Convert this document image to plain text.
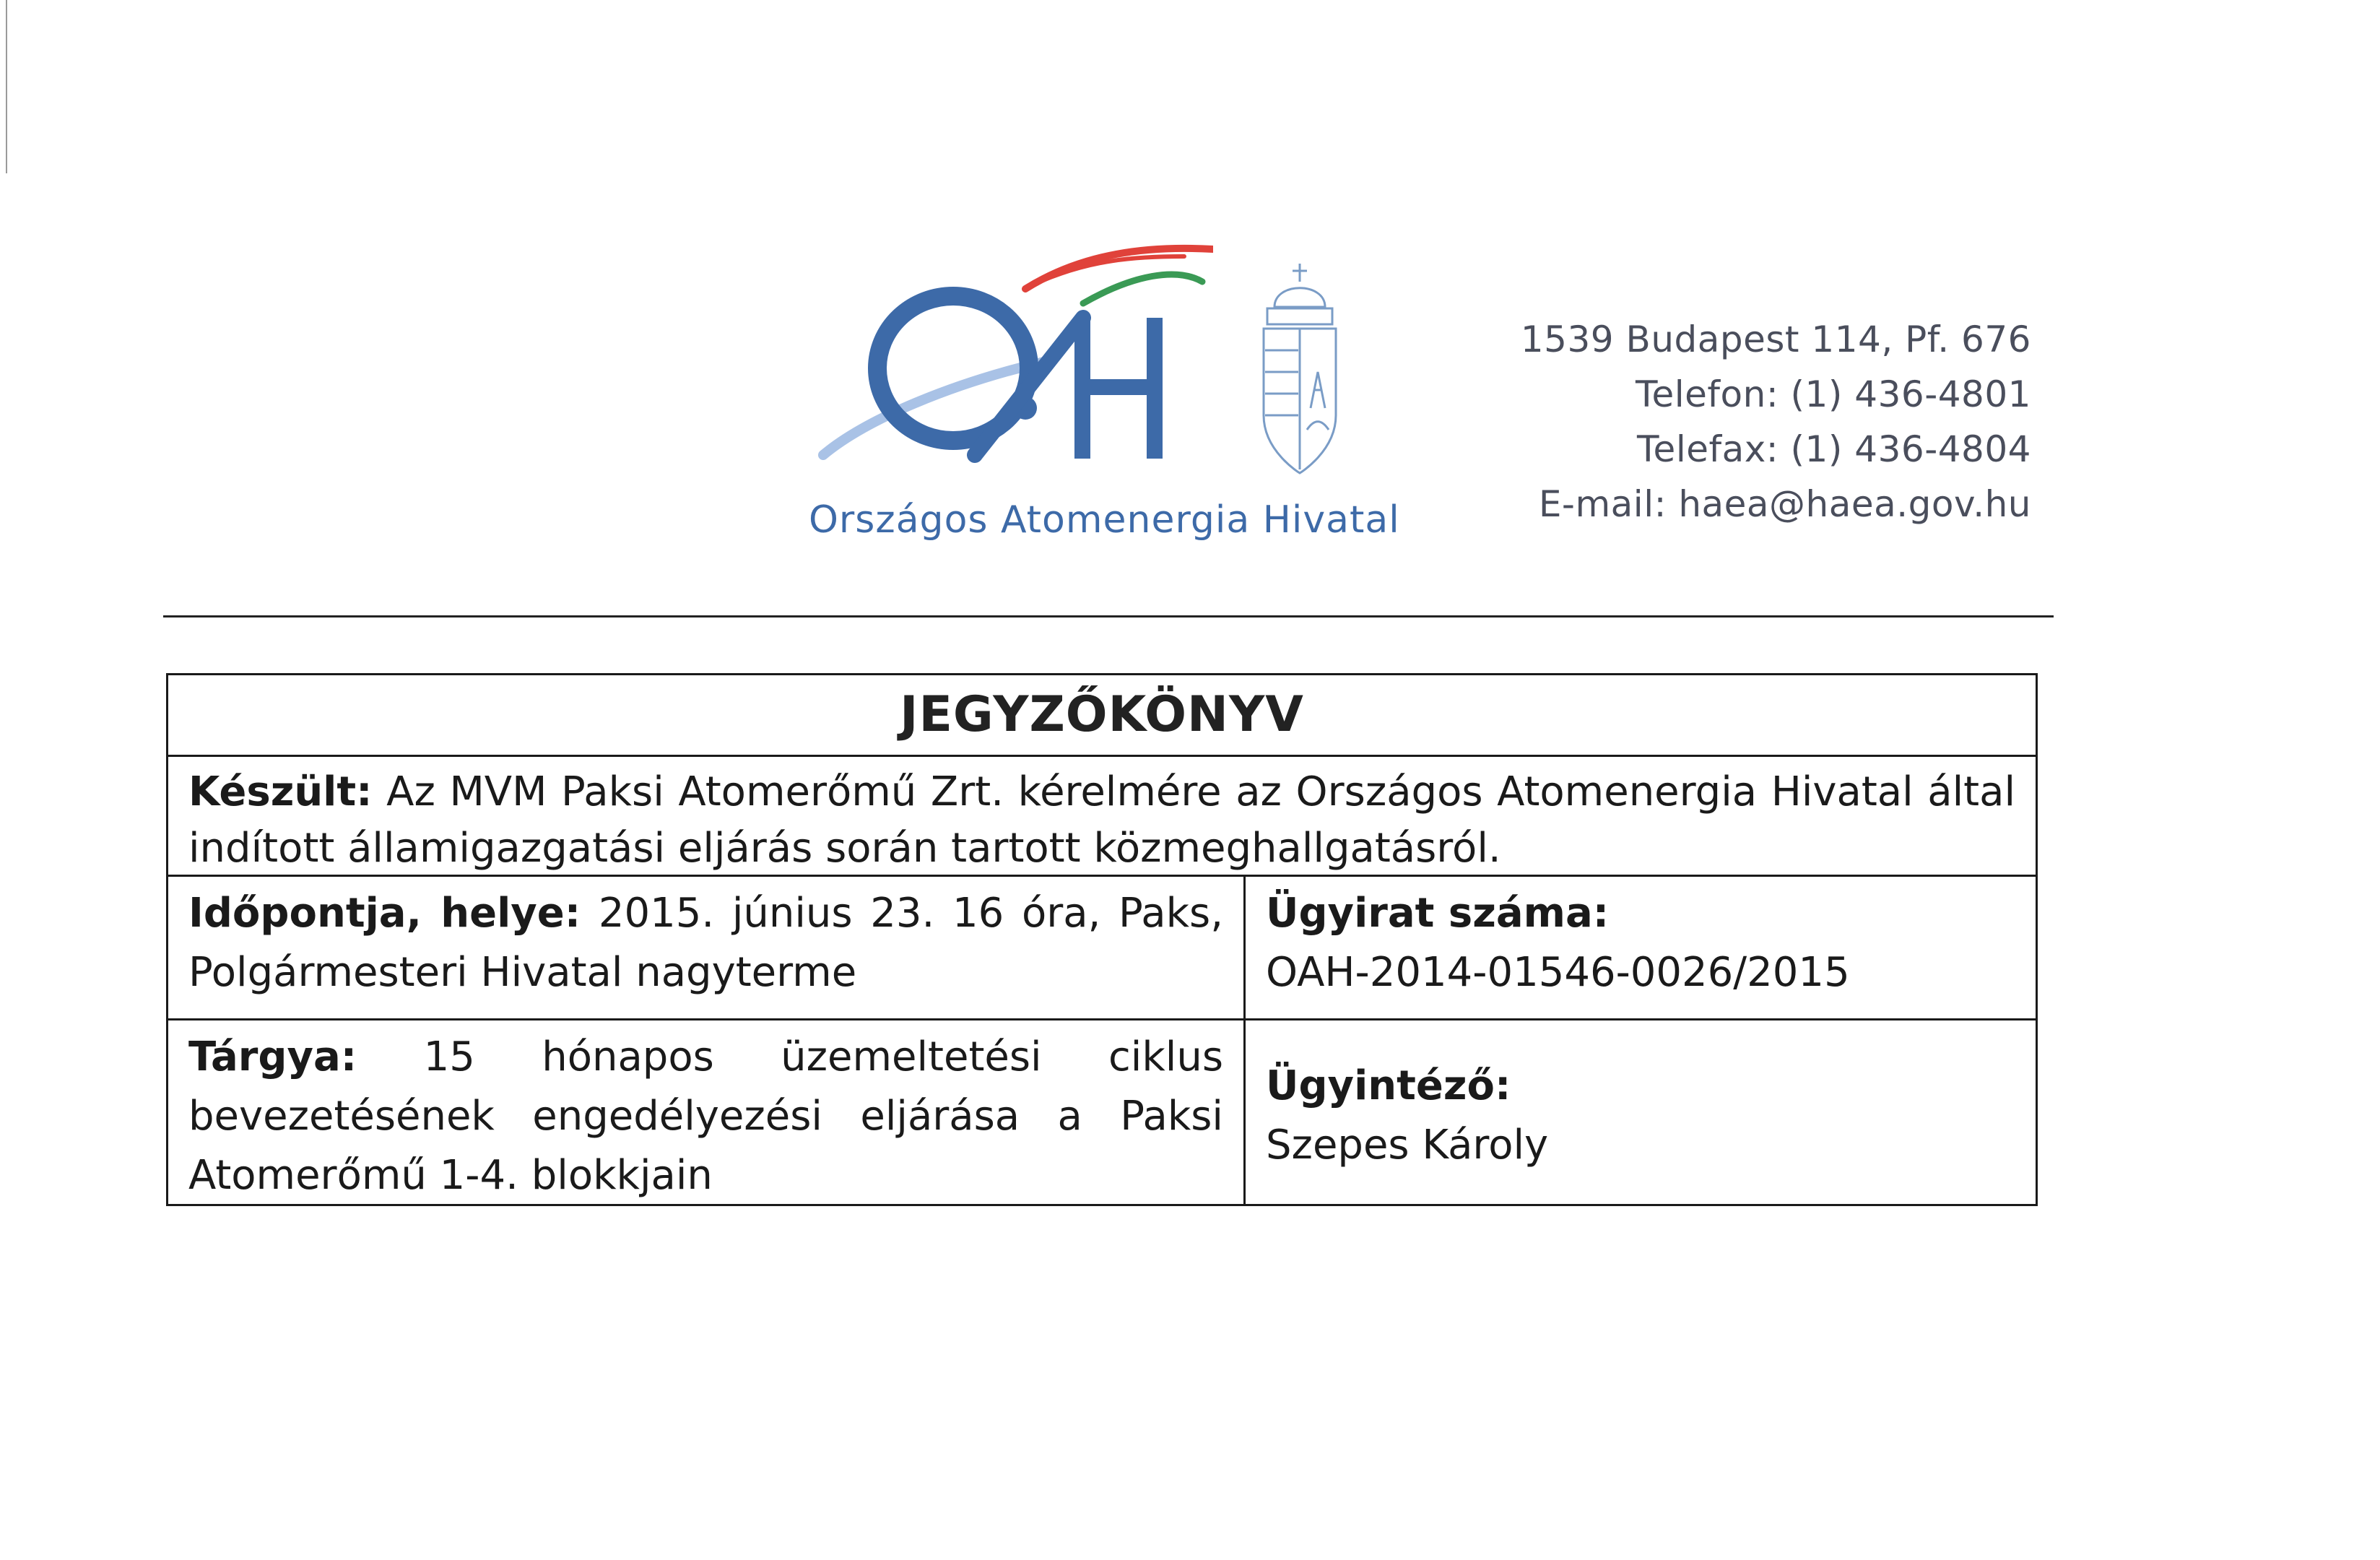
Országos Atomenergia Hivatal
1539 Budapest 114, Pf. 676
Telefon: (1) 436-4801
Telefax: (1) 436-4804
E-mail: haea@haea.gov.hu
JEGYZŐKÖNYV
Készült: Az MVM Paksi Atomerőmű Zrt. kérelmére az Országos Atomenergia Hivatal által indított államigazgatási eljárás során tartott közmeghallgatásról.
Időpontja, helye: 2015. június 23. 16 óra, Paks, Polgármesteri Hivatal nagyterme
Ügyirat száma:
OAH-2014-01546-0026/2015
Tárgya: 15 hónapos üzemeltetési ciklus bevezetésének engedélyezési eljárása a Paksi Atomerőmű 1-4. blokkjain
Ügyintéző:
Szepes Károly
